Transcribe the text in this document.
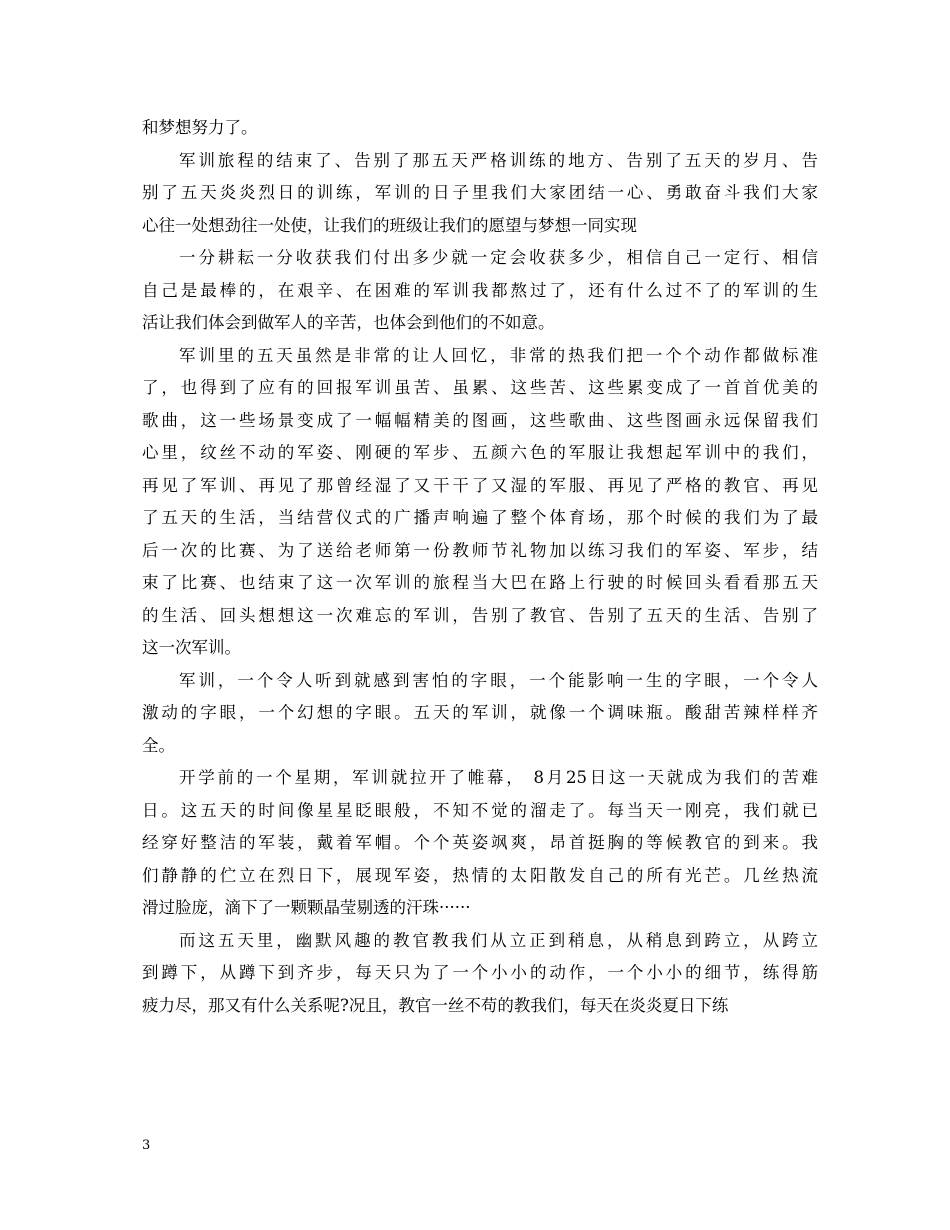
和梦想努力了。
军训旅程的结束了、告别了那五天严格训练的地方、告别了五天的岁月、告
别了五天炎炎烈日的训练，军训的日子里我们大家团结一心、勇敢奋斗我们大家
心往一处想劲往一处使，让我们的班级让我们的愿望与梦想一同实现
一分耕耘一分收获我们付出多少就一定会收获多少，相信自己一定行、相信
自己是最棒的，在艰辛、在困难的军训我都熬过了，还有什么过不了的军训的生
活让我们体会到做军人的辛苦，也体会到他们的不如意。
军训里的五天虽然是非常的让人回忆，非常的热我们把一个个动作都做标准
了，也得到了应有的回报军训虽苦、虽累、这些苦、这些累变成了一首首优美的
歌曲，这一些场景变成了一幅幅精美的图画，这些歌曲、这些图画永远保留我们
心里，纹丝不动的军姿、刚硬的军步、五颜六色的军服让我想起军训中的我们，
再见了军训、再见了那曾经湿了又干干了又湿的军服、再见了严格的教官、再见
了五天的生活，当结营仪式的广播声响遍了整个体育场，那个时候的我们为了最
后一次的比赛、为了送给老师第一份教师节礼物加以练习我们的军姿、军步，结
束了比赛、也结束了这一次军训的旅程当大巴在路上行驶的时候回头看看那五天
的生活、回头想想这一次难忘的军训，告别了教官、告别了五天的生活、告别了
这一次军训。
军训，一个令人听到就感到害怕的字眼，一个能影响一生的字眼，一个令人
激动的字眼，一个幻想的字眼。五天的军训，就像一个调味瓶。酸甜苦辣样样齐
全。
开学前的一个星期，军训就拉开了帷幕， 8月25日这一天就成为我们的苦难
日。这五天的时间像星星眨眼般，不知不觉的溜走了。每当天一刚亮，我们就已
经穿好整洁的军装，戴着军帽。个个英姿飒爽，昂首挺胸的等候教官的到来。我
们静静的伫立在烈日下，展现军姿，热情的太阳散发自己的所有光芒。几丝热流
滑过脸庞，滴下了一颗颗晶莹剔透的汗珠······
而这五天里，幽默风趣的教官教我们从立正到稍息，从稍息到跨立，从跨立
到蹲下，从蹲下到齐步，每天只为了一个小小的动作，一个小小的细节，练得筋
疲力尽，那又有什么关系呢?况且，教官一丝不苟的教我们，每天在炎炎夏日下练
3
